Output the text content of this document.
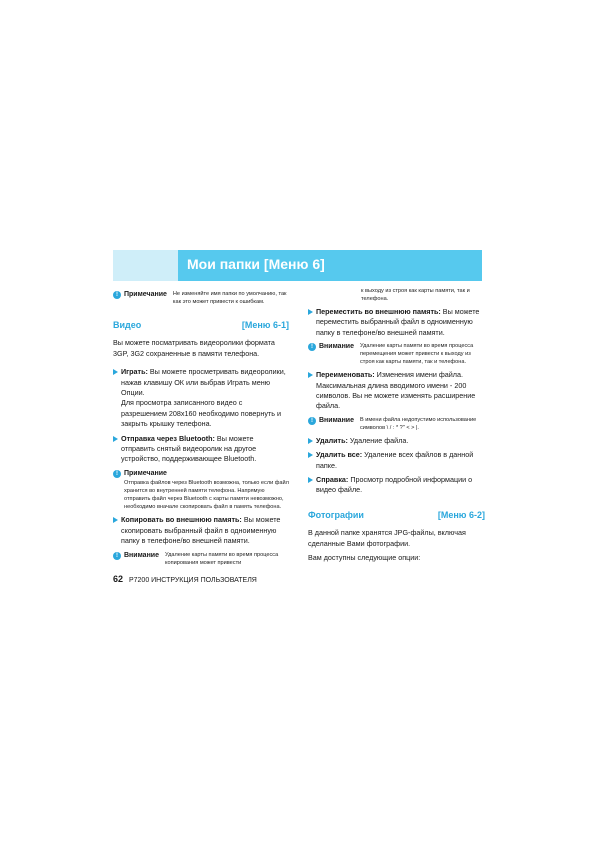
Мои папки [Меню 6]
! Примечание Не изменяйте имя папки по умолчанию, так как это может привести к ошибкам.
Видео	[Меню 6-1]

Вы можете посматривать видеоролики формата 3GP, 3G2 сохраненные в памяти телефона.

Играть: Вы можете просметривать видеоролики, нажав клавишу ОК или выбрав Играть меню Опции.
Для просмотра записанного видео с разрешением 208x160 необходимо повернуть и закрыть крышку телефона.
Отправка через Bluetooth: Вы можете отправить снятый видеоролик на другое устройство, поддерживающее Bluetooth.
! Примечание
Отправка файлов через Bluetooth возможна, только если файл хранится во внутренней памяти телефона. Напрямую отправить файл через Bluetooth с карты памяти невозможно, необходимо вначале скопировать файл в память телефона.
Копировать во внешнюю память: Вы можете скопировать выбранный файл в одноименную папку в телефоне/во внешней памяти.
! Внимание Удаление карты памяти во время процесса копирования может привести
к выходу из строя как карты памяти, так и телефона.
Переместить во внешнюю память: Вы можете переместить выбранный файл в одноименную папку в телефоне/во внешней памяти.
! Внимание Удаление карты памяти во время процесса перемещения может привести к выходу из строя как карты памяти, так и телефона.
Переименовать: Изменения имени файла. Максимальная длина вводимого имени - 200 символов. Вы не можете изменять расширение файла.
! Внимание В имени файла недопустимо использование символов \ / : * ?" < > |.
Удалить: Удаление файла.
Удалить все: Удаление всех файлов в данной папке.
Справка: Просмотр подробной информации о видео файле.
Фотографии	[Меню 6-2]

В данной папке хранятся JPG-файлы, включая сделанные Вами фотографии.

Вам доступны следующие опции:

62 P7200 ИНСТРУКЦИЯ ПОЛЬЗОВАТЕЛЯ
